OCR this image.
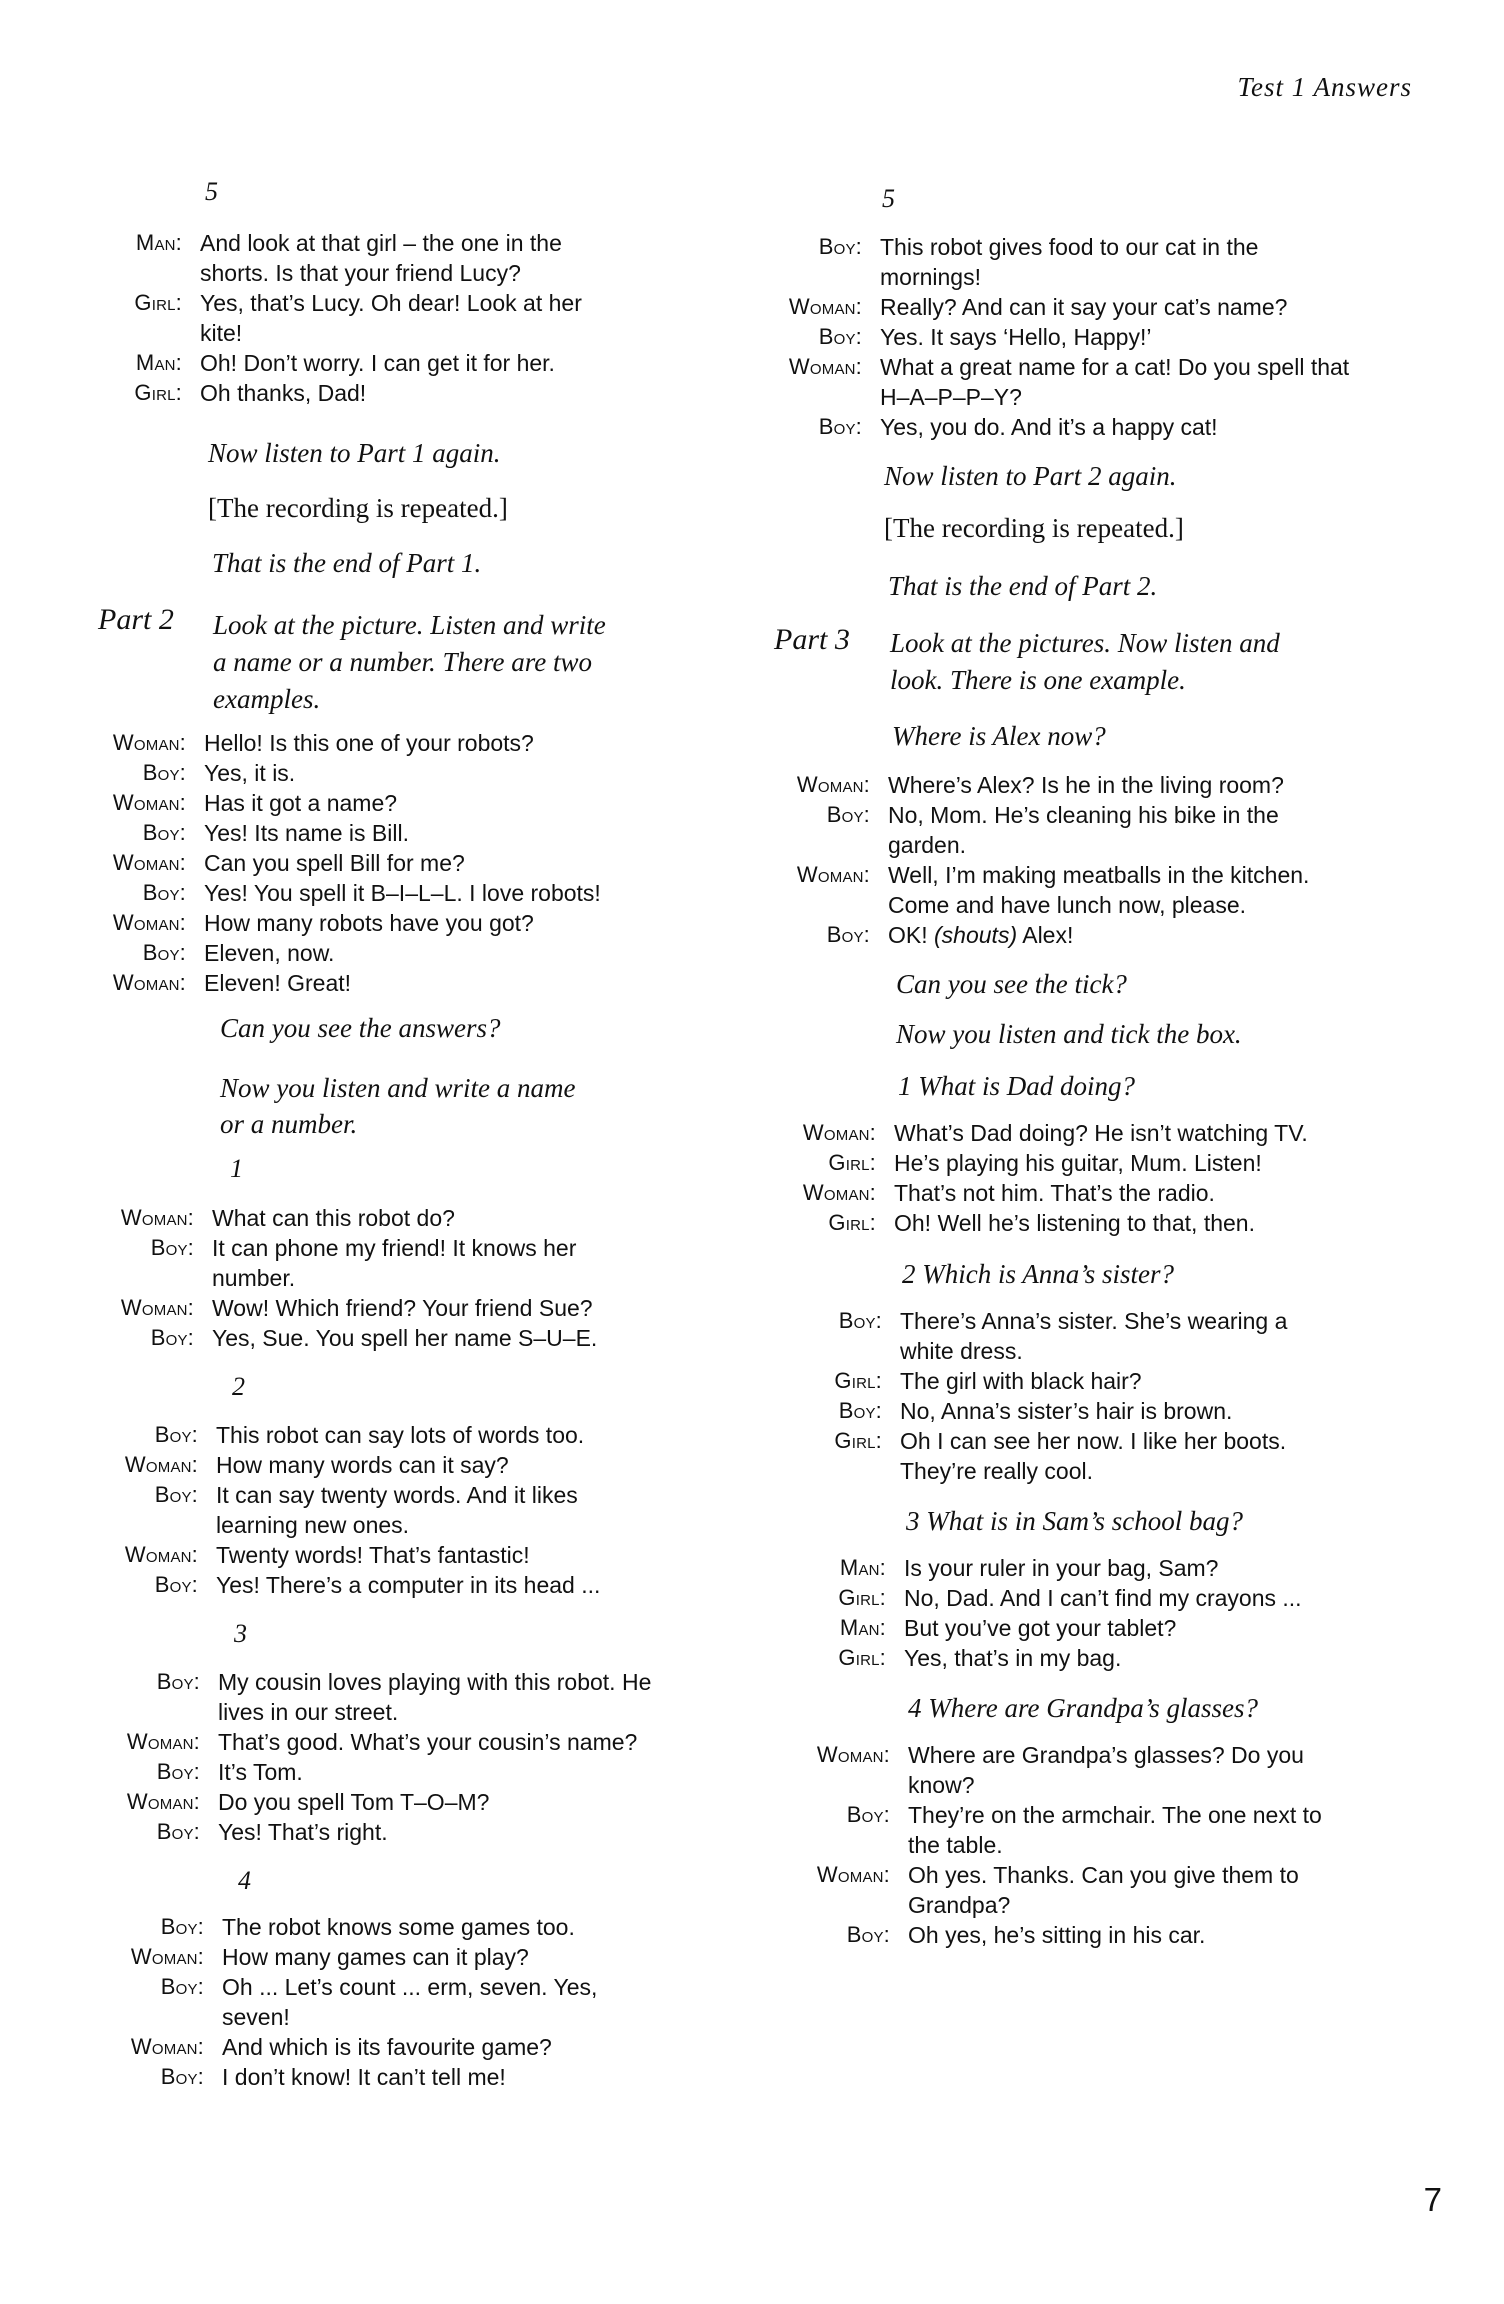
Test 1 Answers
5
Man: And look at that girl – the one in the shorts. Is that your friend Lucy?
Girl: Yes, that’s Lucy. Oh dear! Look at her kite!
Man: Oh! Don’t worry. I can get it for her.
Girl: Oh thanks, Dad!
Now listen to Part 1 again.
[The recording is repeated.]
That is the end of Part 1.
Part 2 Look at the picture. Listen and write
a name or a number. There are two
examples.
Woman: Hello! Is this one of your robots?
Boy: Yes, it is.
Woman: Has it got a name?
Boy: Yes! Its name is Bill.
Woman: Can you spell Bill for me?
Boy: Yes! You spell it B–I–L–L. I love robots!
Woman: How many robots have you got?
Boy: Eleven, now.
Woman: Eleven! Great!
Can you see the answers?
Now you listen and write a name
or a number.
1
Woman: What can this robot do?
Boy: It can phone my friend! It knows her number.
Woman: Wow! Which friend? Your friend Sue?
Boy: Yes, Sue. You spell her name S–U–E.
2
Boy: This robot can say lots of words too.
Woman: How many words can it say?
Boy: It can say twenty words. And it likes learning new ones.
Woman: Twenty words! That’s fantastic!
Boy: Yes! There’s a computer in its head ...
3
Boy: My cousin loves playing with this robot. He lives in our street.
Woman: That’s good. What’s your cousin’s name?
Boy: It’s Tom.
Woman: Do you spell Tom T–O–M?
Boy: Yes! That’s right.
4
Boy: The robot knows some games too.
Woman: How many games can it play?
Boy: Oh ... Let’s count ... erm, seven. Yes, seven!
Woman: And which is its favourite game?
Boy: I don’t know! It can’t tell me!
5
Boy: This robot gives food to our cat in the mornings!
Woman: Really? And can it say your cat’s name?
Boy: Yes. It says ‘Hello, Happy!’
Woman: What a great name for a cat! Do you spell that H–A–P–P–Y?
Boy: Yes, you do. And it’s a happy cat!
Now listen to Part 2 again.
[The recording is repeated.]
That is the end of Part 2.
Part 3 Look at the pictures. Now listen and
look. There is one example.
Where is Alex now?
Woman: Where’s Alex? Is he in the living room?
Boy: No, Mom. He’s cleaning his bike in the garden.
Woman: Well, I’m making meatballs in the kitchen. Come and have lunch now, please.
Boy: OK! (shouts) Alex!
Can you see the tick?
Now you listen and tick the box.
1 What is Dad doing?
Woman: What’s Dad doing? He isn’t watching TV.
Girl: He’s playing his guitar, Mum. Listen!
Woman: That’s not him. That’s the radio.
Girl: Oh! Well he’s listening to that, then.
2 Which is Anna’s sister?
Boy: There’s Anna’s sister. She’s wearing a white dress.
Girl: The girl with black hair?
Boy: No, Anna’s sister’s hair is brown.
Girl: Oh I can see her now. I like her boots. They’re really cool.
3 What is in Sam’s school bag?
Man: Is your ruler in your bag, Sam?
Girl: No, Dad. And I can’t find my crayons ...
Man: But you’ve got your tablet?
Girl: Yes, that’s in my bag.
4 Where are Grandpa’s glasses?
Woman: Where are Grandpa’s glasses? Do you know?
Boy: They’re on the armchair. The one next to the table.
Woman: Oh yes. Thanks. Can you give them to Grandpa?
Boy: Oh yes, he’s sitting in his car.
7
